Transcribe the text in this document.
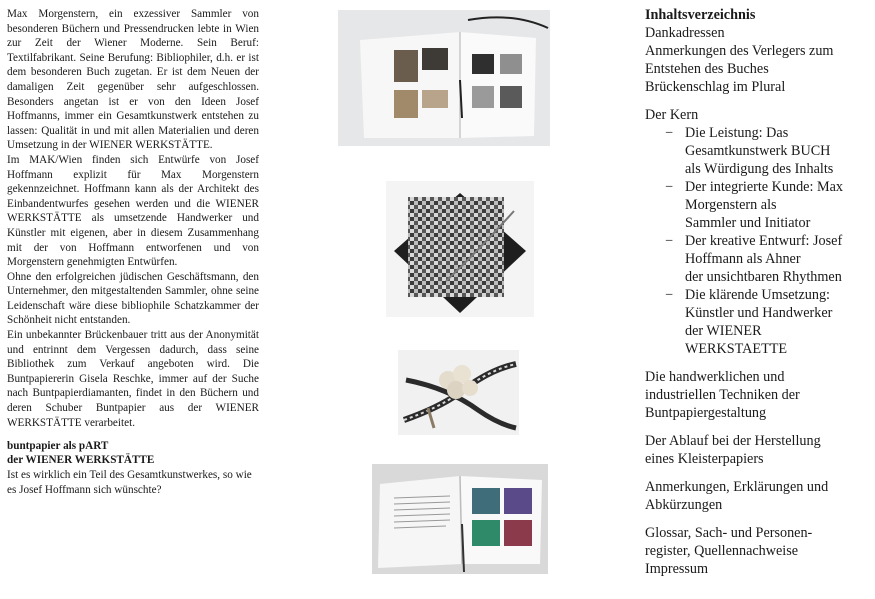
Max Morgenstern, ein exzessiver Sammler von besonderen Büchern und Pressendrucken lebte in Wien zur Zeit der Wiener Moderne. Sein Beruf: Textilfabrikant. Seine Berufung: Bibliophiler, d.h. er ist dem besonderen Buch zugetan. Er ist dem Neuen der damaligen Zeit gegenüber sehr aufgeschlossen. Besonders angetan ist er von den Ideen Josef Hoffmanns, immer ein Gesamtkunstwerk entstehen zu lassen: Qualität in und mit allen Materialien und deren Umsetzung in der WIENER WERKSTÄTTE.

Im MAK/Wien finden sich Entwürfe von Josef Hoffmann explizit für Max Morgenstern gekennzeichnet. Hoffmann kann als der Architekt des Einbandentwurfes gesehen werden und die WIENER WERKSTÄTTE als umsetzende Handwerker und Künstler mit eigenen, aber in diesem Zusammenhang mit der von Hoffmann entworfenen und von Morgenstern genehmigten Entwürfen.

Ohne den erfolgreichen jüdischen Geschäftsmann, den Unternehmer, den mitgestaltenden Sammler, ohne seine Leidenschaft wäre diese bibliophile Schatzkammer der Schönheit nicht entstanden.

Ein unbekannter Brückenbauer tritt aus der Anonymität und entrinnt dem Vergessen dadurch, dass seine Bibliothek zum Verkauf angeboten wird. Die Buntpapiererin Gisela Reschke, immer auf der Suche nach Buntpapierdiamanten, findet in den Büchern und deren Schuber Buntpapier aus der WIENER WERKSTÄTTE verarbeitet.

buntpapier als pART
der WIENER WERKSTÄTTE

Ist es wirklich ein Teil des Gesamtkunstwerkes, so wie es Josef Hoffmann sich wünschte?

Inhaltsverzeichnis
Dankadressen
Anmerkungen des Verlegers zum
Entstehen des Buches
Brückenschlag im Plural
Der Kern
− Die Leistung: Das
Gesamtkunstwerk BUCH
als Würdigung des Inhalts
− Der integrierte Kunde: Max
Morgenstern als
Sammler und Initiator
− Der kreative Entwurf: Josef
Hoffmann als Ahner
der unsichtbaren Rhythmen
− Die klärende Umsetzung:
Künstler und Handwerker
der WIENER
WERKSTAETTE
Die handwerklichen und
industriellen Techniken der
Buntpapiergestaltung
Der Ablauf bei der Herstellung
eines Kleisterpapiers
Anmerkungen, Erklärungen und
Abkürzungen
Glossar, Sach- und Personen-
register, Quellennachweise
Impressum
